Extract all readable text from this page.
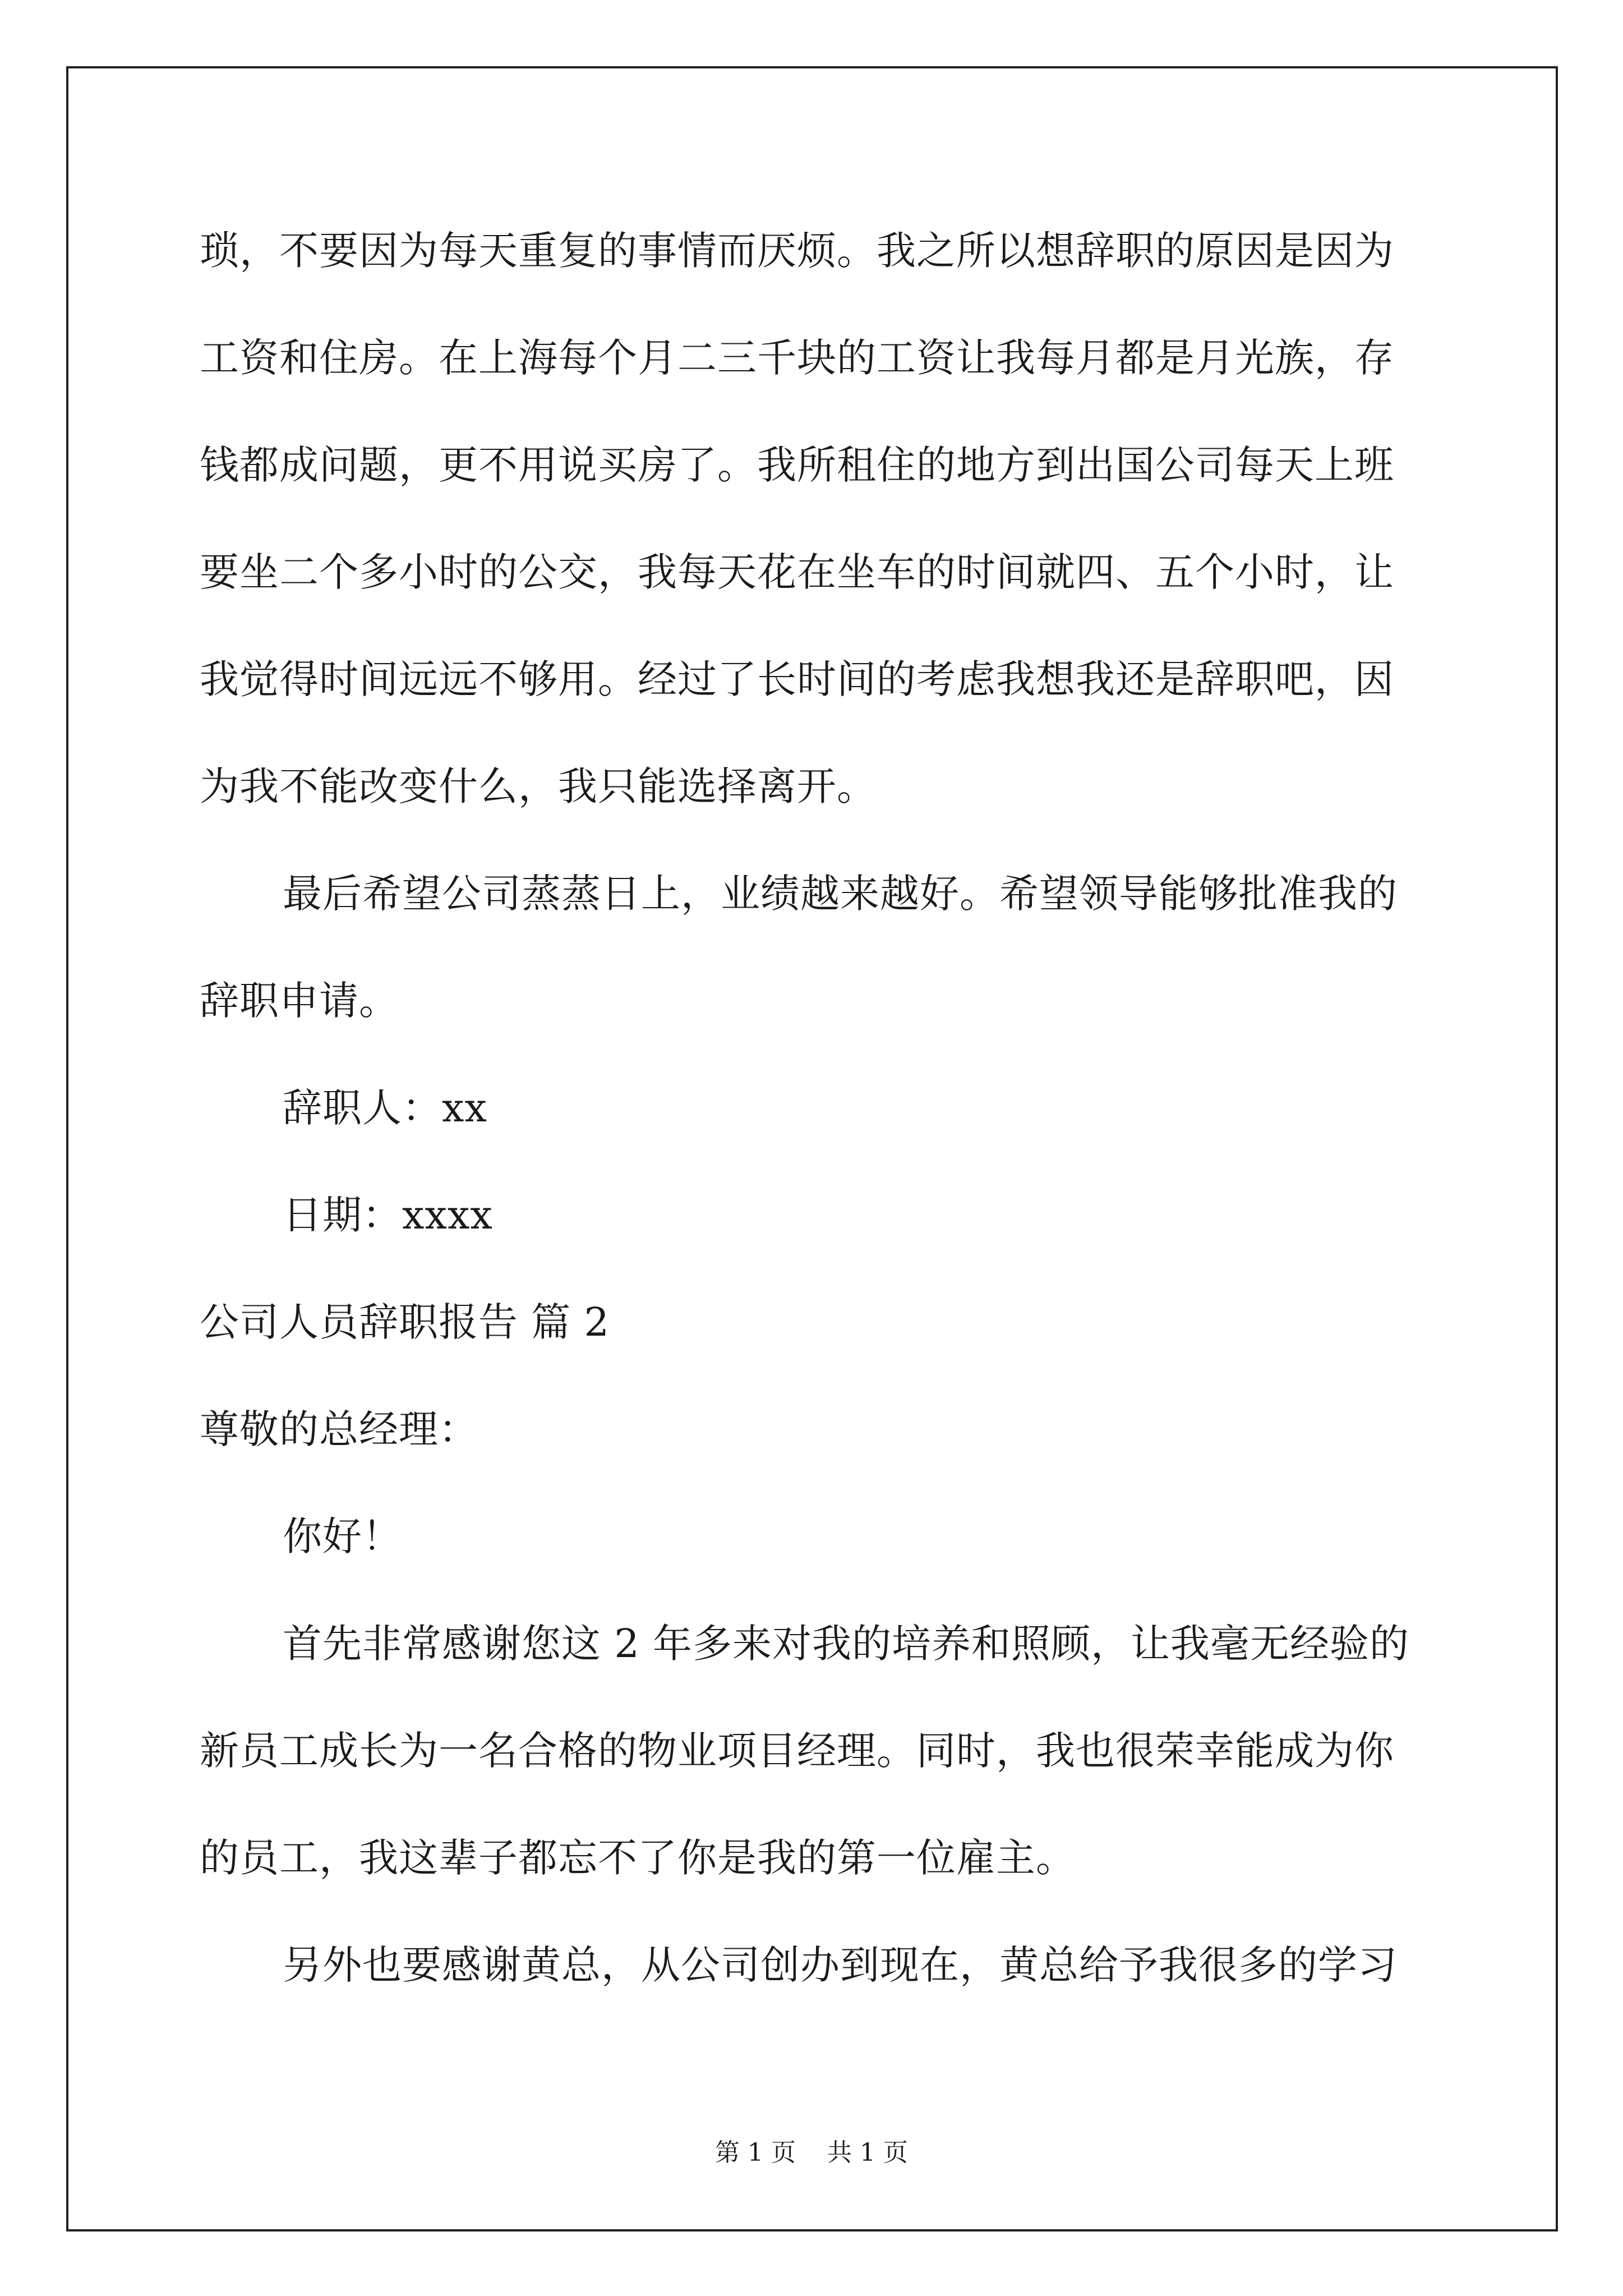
琐，不要因为每天重复的事情而厌烦。我之所以想辞职的原因是因为
工资和住房。在上海每个月二三千块的工资让我每月都是月光族，存
钱都成问题，更不用说买房了。我所租住的地方到出国公司每天上班
要坐二个多小时的公交，我每天花在坐车的时间就四、五个小时，让
我觉得时间远远不够用。经过了长时间的考虑我想我还是辞职吧，因
为我不能改变什么，我只能选择离开。
最后希望公司蒸蒸日上，业绩越来越好。希望领导能够批准我的
辞职申请。
辞职人：xx
日期：xxxx
公司人员辞职报告 篇 2
尊敬的总经理：
你好！
首先非常感谢您这 2 年多来对我的培养和照顾，让我毫无经验的
新员工成长为一名合格的物业项目经理。同时，我也很荣幸能成为你
的员工，我这辈子都忘不了你是我的第一位雇主。
另外也要感谢黄总，从公司创办到现在，黄总给予我很多的学习
第 1 页    共 1 页
